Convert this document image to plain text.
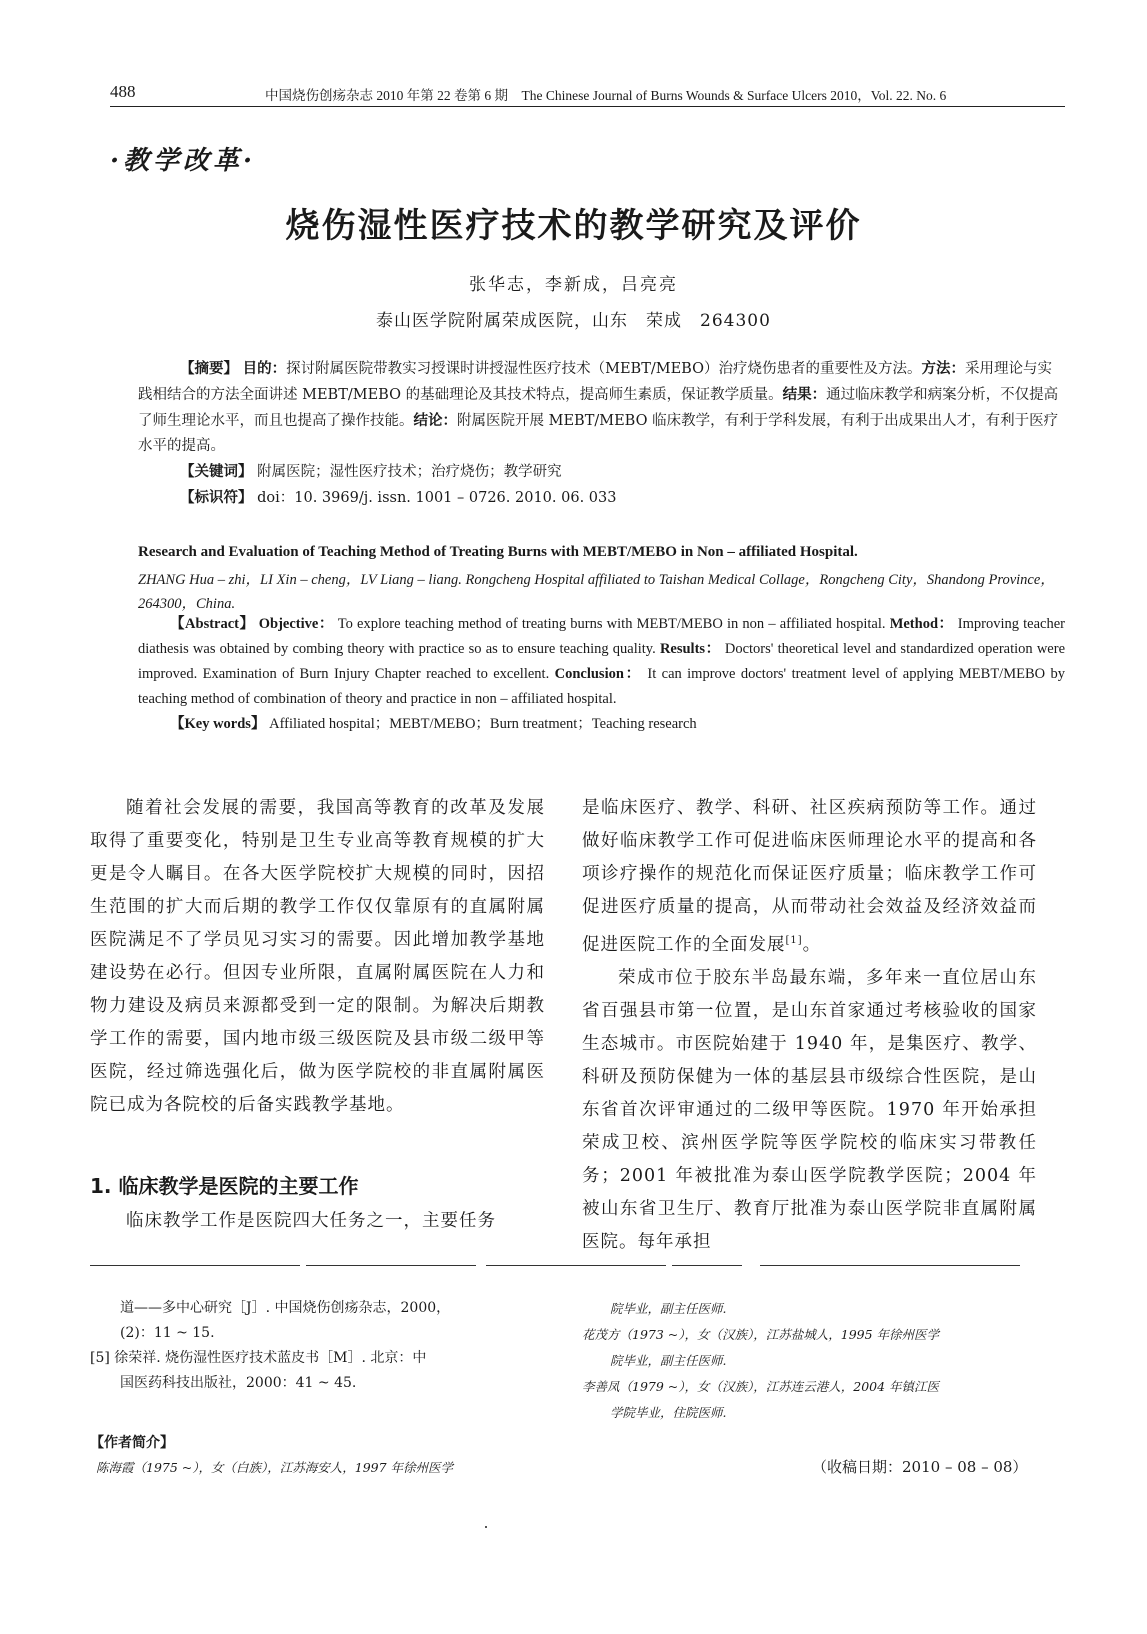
488	中国烧伤创疡杂志 2010 年第 22 卷第 6 期　The Chinese Journal of Burns Wounds & Surface Ulcers 2010，Vol. 22. No. 6
·教学改革·
烧伤湿性医疗技术的教学研究及评价
张华志，李新成，吕亮亮
泰山医学院附属荣成医院，山东　荣成　264300

【摘要】 目的：探讨附属医院带教实习授课时讲授湿性医疗技术（MEBT/MEBO）治疗烧伤患者的重要性及方法。方法：采用理论与实践相结合的方法全面讲述 MEBT/MEBO 的基础理论及其技术特点，提高师生素质，保证教学质量。结果：通过临床教学和病案分析，不仅提高了师生理论水平，而且也提高了操作技能。结论：附属医院开展 MEBT/MEBO 临床教学，有利于学科发展，有利于出成果出人才，有利于医疗水平的提高。

【关键词】 附属医院；湿性医疗技术；治疗烧伤；教学研究

【标识符】 doi：10. 3969/j. issn. 1001 – 0726. 2010. 06. 033

Research and Evaluation of Teaching Method of Treating Burns with MEBT/MEBO in Non – affiliated Hospital.
ZHANG Hua – zhi，LI Xin – cheng，LV Liang – liang. Rongcheng Hospital affiliated to Taishan Medical Collage，Rongcheng City，Shandong Province，264300，China.

【Abstract】 Objective： To explore teaching method of treating burns with MEBT/MEBO in non – affiliated hospital. Method： Improving teacher diathesis was obtained by combing theory with practice so as to ensure teaching quality. Results： Doctors' theoretical level and standardized operation were improved. Examination of Burn Injury Chapter reached to excellent. Conclusion： It can improve doctors' treatment level of applying MEBT/MEBO by teaching method of combination of theory and practice in non – affiliated hospital.

【Key words】 Affiliated hospital；MEBT/MEBO；Burn treatment；Teaching research

随着社会发展的需要，我国高等教育的改革及发展取得了重要变化，特别是卫生专业高等教育规模的扩大更是令人瞩目。在各大医学院校扩大规模的同时，因招生范围的扩大而后期的教学工作仅仅靠原有的直属附属医院满足不了学员见习实习的需要。因此增加教学基地建设势在必行。但因专业所限，直属附属医院在人力和物力建设及病员来源都受到一定的限制。为解决后期教学工作的需要，国内地市级三级医院及县市级二级甲等医院，经过筛选强化后，做为医学院校的非直属附属医院已成为各院校的后备实践教学基地。

1. 临床教学是医院的主要工作

临床教学工作是医院四大任务之一，主要任务

是临床医疗、教学、科研、社区疾病预防等工作。通过做好临床教学工作可促进临床医师理论水平的提高和各项诊疗操作的规范化而保证医疗质量；临床教学工作可促进医疗质量的提高，从而带动社会效益及经济效益而促进医院工作的全面发展[1]。

荣成市位于胶东半岛最东端，多年来一直位居山东省百强县市第一位置，是山东首家通过考核验收的国家生态城市。市医院始建于 1940 年，是集医疗、教学、科研及预防保健为一体的基层县市级综合性医院，是山东省首次评审通过的二级甲等医院。1970 年开始承担荣成卫校、滨州医学院等医学院校的临床实习带教任务；2001 年被批准为泰山医学院教学医院；2004 年被山东省卫生厅、教育厅批准为泰山医学院非直属附属医院。每年承担

道——多中心研究［J］. 中国烧伤创疡杂志，2000，

(2)：11 ~ 15.

[5] 徐荣祥. 烧伤湿性医疗技术蓝皮书［M］. 北京：中

国医药科技出版社，2000：41 ~ 45.

院毕业，副主任医师.

花茂方（1973 ~），女（汉族），江苏盐城人，1995 年徐州医学

院毕业，副主任医师.

李善凤（1979 ~），女（汉族），江苏连云港人，2004 年镇江医

学院毕业，住院医师.

【作者简介】
陈海霞（1975 ~），女（白族），江苏海安人，1997 年徐州医学	（收稿日期：2010 – 08 – 08）
